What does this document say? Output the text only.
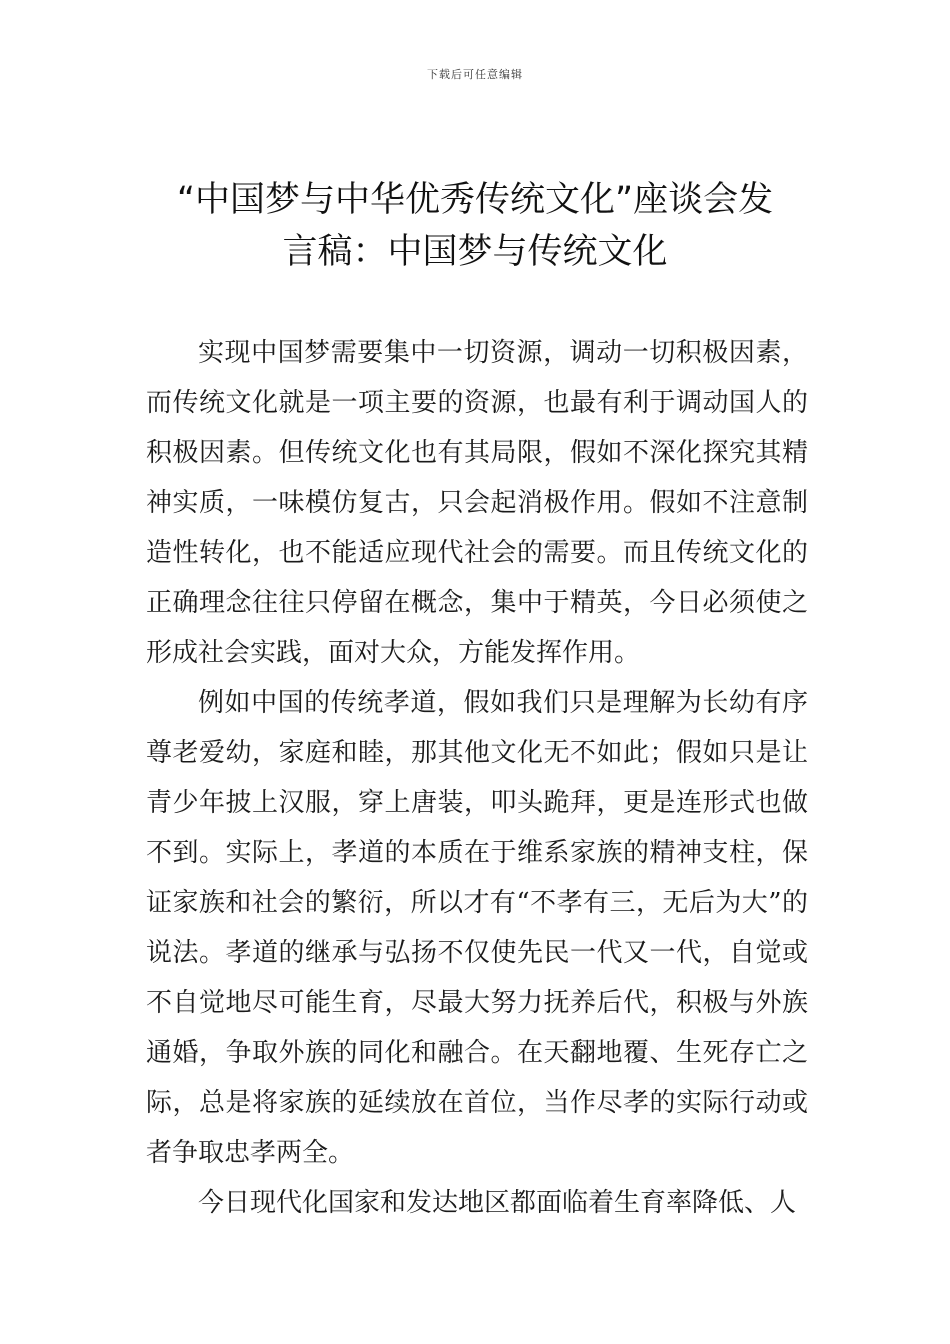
下载后可任意编辑
“中国梦与中华优秀传统文化”座谈会发
言稿：中国梦与传统文化

实现中国梦需要集中一切资源，调动一切积极因素，而传统文化就是一项主要的资源，也最有利于调动国人的积极因素。但传统文化也有其局限，假如不深化探究其精神实质，一味模仿复古，只会起消极作用。假如不注意制造性转化，也不能适应现代社会的需要。而且传统文化的正确理念往往只停留在概念，集中于精英，今日必须使之形成社会实践，面对大众，方能发挥作用。

例如中国的传统孝道，假如我们只是理解为长幼有序尊老爱幼，家庭和睦，那其他文化无不如此；假如只是让青少年披上汉服，穿上唐装，叩头跪拜，更是连形式也做不到。实际上，孝道的本质在于维系家族的精神支柱，保证家族和社会的繁衍，所以才有“不孝有三，无后为大”的说法。孝道的继承与弘扬不仅使先民一代又一代，自觉或不自觉地尽可能生育，尽最大努力抚养后代，积极与外族通婚，争取外族的同化和融合。在天翻地覆、生死存亡之际，总是将家族的延续放在首位，当作尽孝的实际行动或者争取忠孝两全。

今日现代化国家和发达地区都面临着生育率降低、人
